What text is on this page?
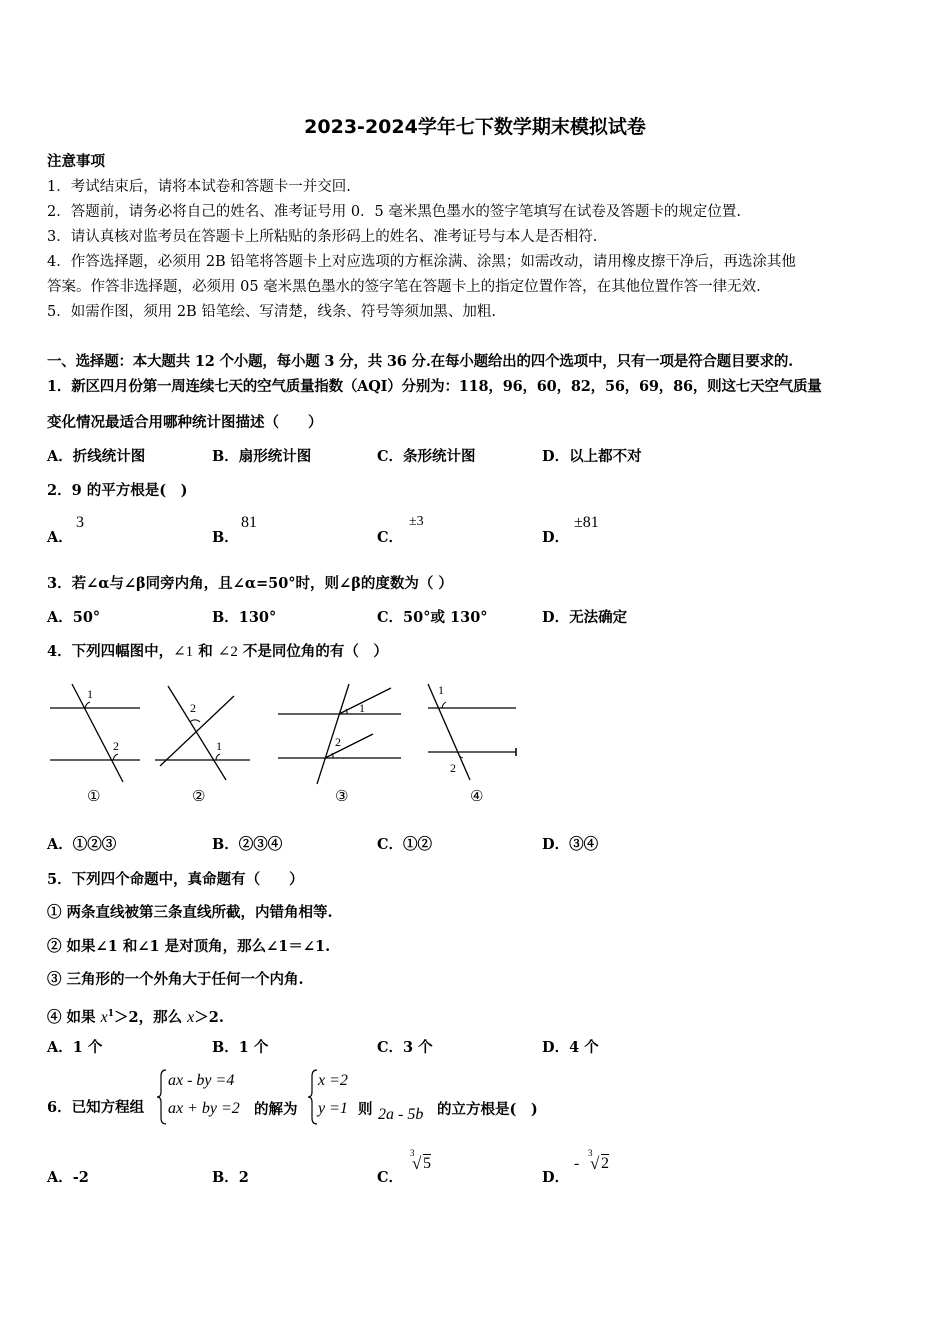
2023-2024学年七下数学期末模拟试卷
注意事项
1．考试结束后，请将本试卷和答题卡一并交回.
2．答题前，请务必将自己的姓名、准考证号用 0．5 毫米黑色墨水的签字笔填写在试卷及答题卡的规定位置.
3．请认真核对监考员在答题卡上所粘贴的条形码上的姓名、准考证号与本人是否相符.
4．作答选择题，必须用 2B 铅笔将答题卡上对应选项的方框涂满、涂黑；如需改动，请用橡皮擦干净后，再选涂其他
答案。作答非选择题，必须用 05 毫米黑色墨水的签字笔在答题卡上的指定位置作答，在其他位置作答一律无效.
5．如需作图，须用 2B 铅笔绘、写清楚，线条、符号等须加黑、加粗.
一、选择题：本大题共 12 个小题，每小题 3 分，共 36 分.在每小题给出的四个选项中，只有一项是符合题目要求的.
1．新区四月份第一周连续七天的空气质量指数（AQI）分别为：118，96，60，82，56，69，86，则这七天空气质量
变化情况最适合用哪种统计图描述（　　）
A．折线统计图	B．扇形统计图	C．条形统计图	D．以上都不对
2．9 的平方根是(　)
A．
3
B．
81
C．
±3
D．
±81
3．若∠α与∠β同旁内角，且∠α=50°时，则∠β的度数为（ ）
A．50°	B．130°	C．50°或 130°	D．无法确定
4．下列四幅图中，∠1 和 ∠2 不是同位角的有（　）
1
2
①
2
1
②
1
2
③
1
2
④
A．①②③	B．②③④	C．①②	D．③④
5．下列四个命题中，真命题有（　　）
① 两条直线被第三条直线所截，内错角相等.
② 如果∠1 和∠1 是对顶角，那么∠1＝∠1.
③ 三角形的一个外角大于任何一个内角.
④ 如果 $x^1>2$，那么 x＞2.
A．1 个	B．1 个	C．3 个	D．4 个
6．已知方程组
ax - by =4
ax + by =2 的解为
x =2
y =1 则 2a - 5b 的立方根是(　)
A．-2	B．2	C．
3
√ 5
D．
-
3
√ 2
